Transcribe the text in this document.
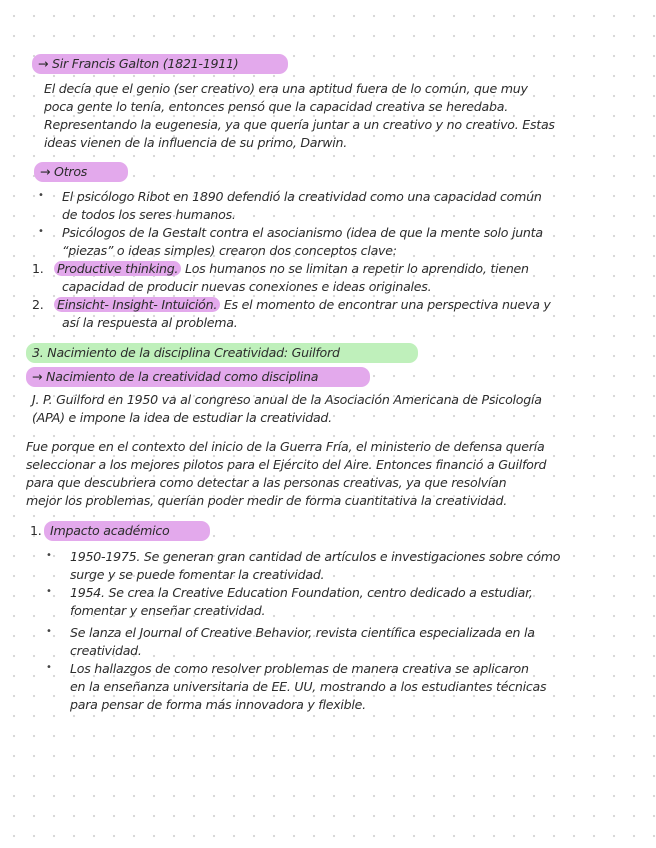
→ Sir Francis Galton (1821-1911)
El decía que el genio (ser creativo) era una aptitud fuera de lo común, que muy
poca gente lo tenía, entonces pensó que la capacidad creativa se heredaba.
Representando la eugenesia, ya que quería juntar a un creativo y no creativo. Estas
ideas vienen de la influencia de su primo, Darwin.
→ Otros
• El psicólogo Ribot en 1890 defendió la creatividad como una capacidad común
de todos los seres humanos.
• Psicólogos de la Gestalt contra el asocianismo (idea de que la mente solo junta
“piezas” o ideas simples) crearon dos conceptos clave:
1. Productive thinking. Los humanos no se limitan a repetir lo aprendido, tienen
capacidad de producir nuevas conexiones e ideas originales.
2. Einsicht- Insight- Intuición. Es el momento de encontrar una perspectiva nueva y
así la respuesta al problema.
3. Nacimiento de la disciplina Creatividad: Guilford
→ Nacimiento de la creatividad como disciplina
J. P. Guilford en 1950 va al congreso anual de la Asociación Americana de Psicología
(APA) e impone la idea de estudiar la creatividad.
Fue porque en el contexto del inicio de la Guerra Fría, el ministerio de defensa quería
seleccionar a los mejores pilotos para el Ejército del Aire. Entonces financió a Guilford
para que descubriera como detectar a las personas creativas, ya que resolvían
mejor los problemas, querían poder medir de forma cuantitativa la creatividad.
1. Impacto académico
• 1950-1975. Se generan gran cantidad de artículos e investigaciones sobre cómo
surge y se puede fomentar la creatividad.
• 1954. Se crea la Creative Education Foundation, centro dedicado a estudiar,
fomentar y enseñar creatividad.
• Se lanza el Journal of Creative Behavior, revista científica especializada en la
creatividad.
• Los hallazgos de como resolver problemas de manera creativa se aplicaron
en la enseñanza universitaria de EE. UU, mostrando a los estudiantes técnicas
para pensar de forma más innovadora y flexible.
